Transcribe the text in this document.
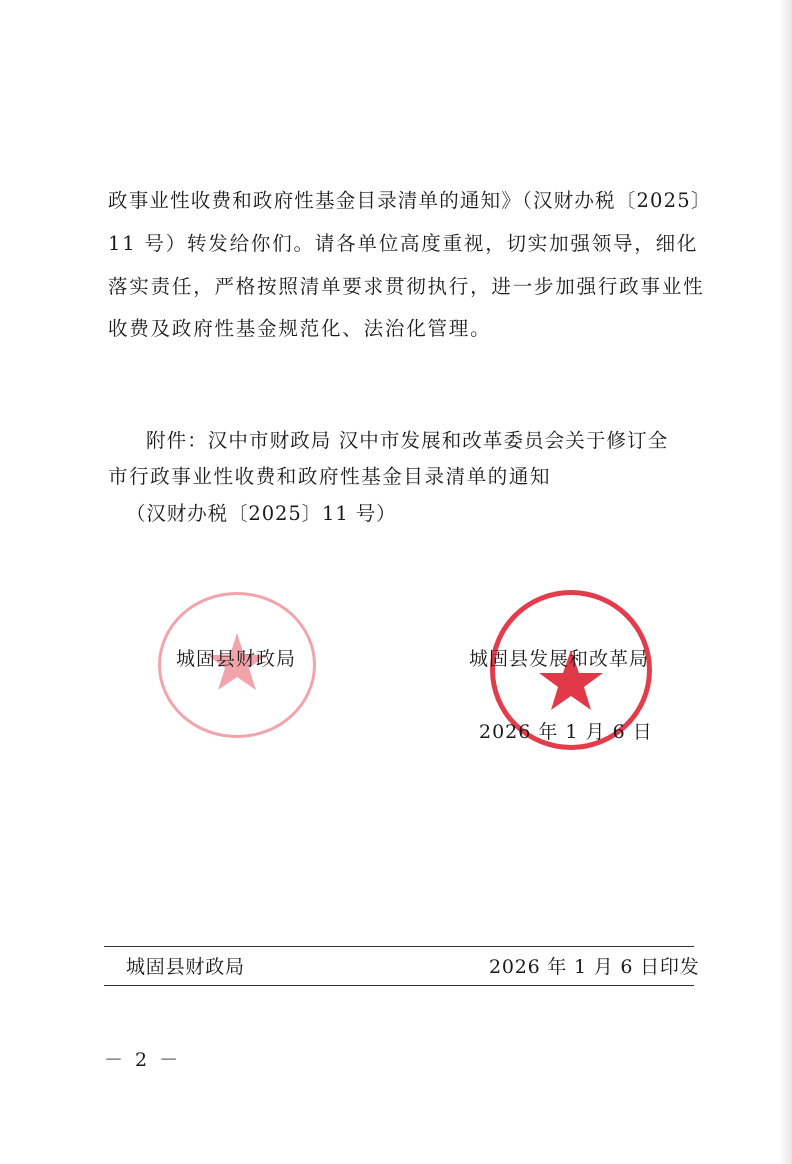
政事业性收费和政府性基金目录清单的通知》（汉财办税〔2025〕
11 号）转发给你们。请各单位高度重视，切实加强领导，细化
落实责任，严格按照清单要求贯彻执行，进一步加强行政事业性
收费及政府性基金规范化、法治化管理。
附件：汉中市财政局 汉中市发展和改革委员会关于修订全
市行政事业性收费和政府性基金目录清单的通知
（汉财办税〔2025〕11 号）
城固县财政局	城固县发展和改革局
2026 年 1 月 6 日
城固县财政局	2026 年 1 月 6 日印发
－ 2 －
